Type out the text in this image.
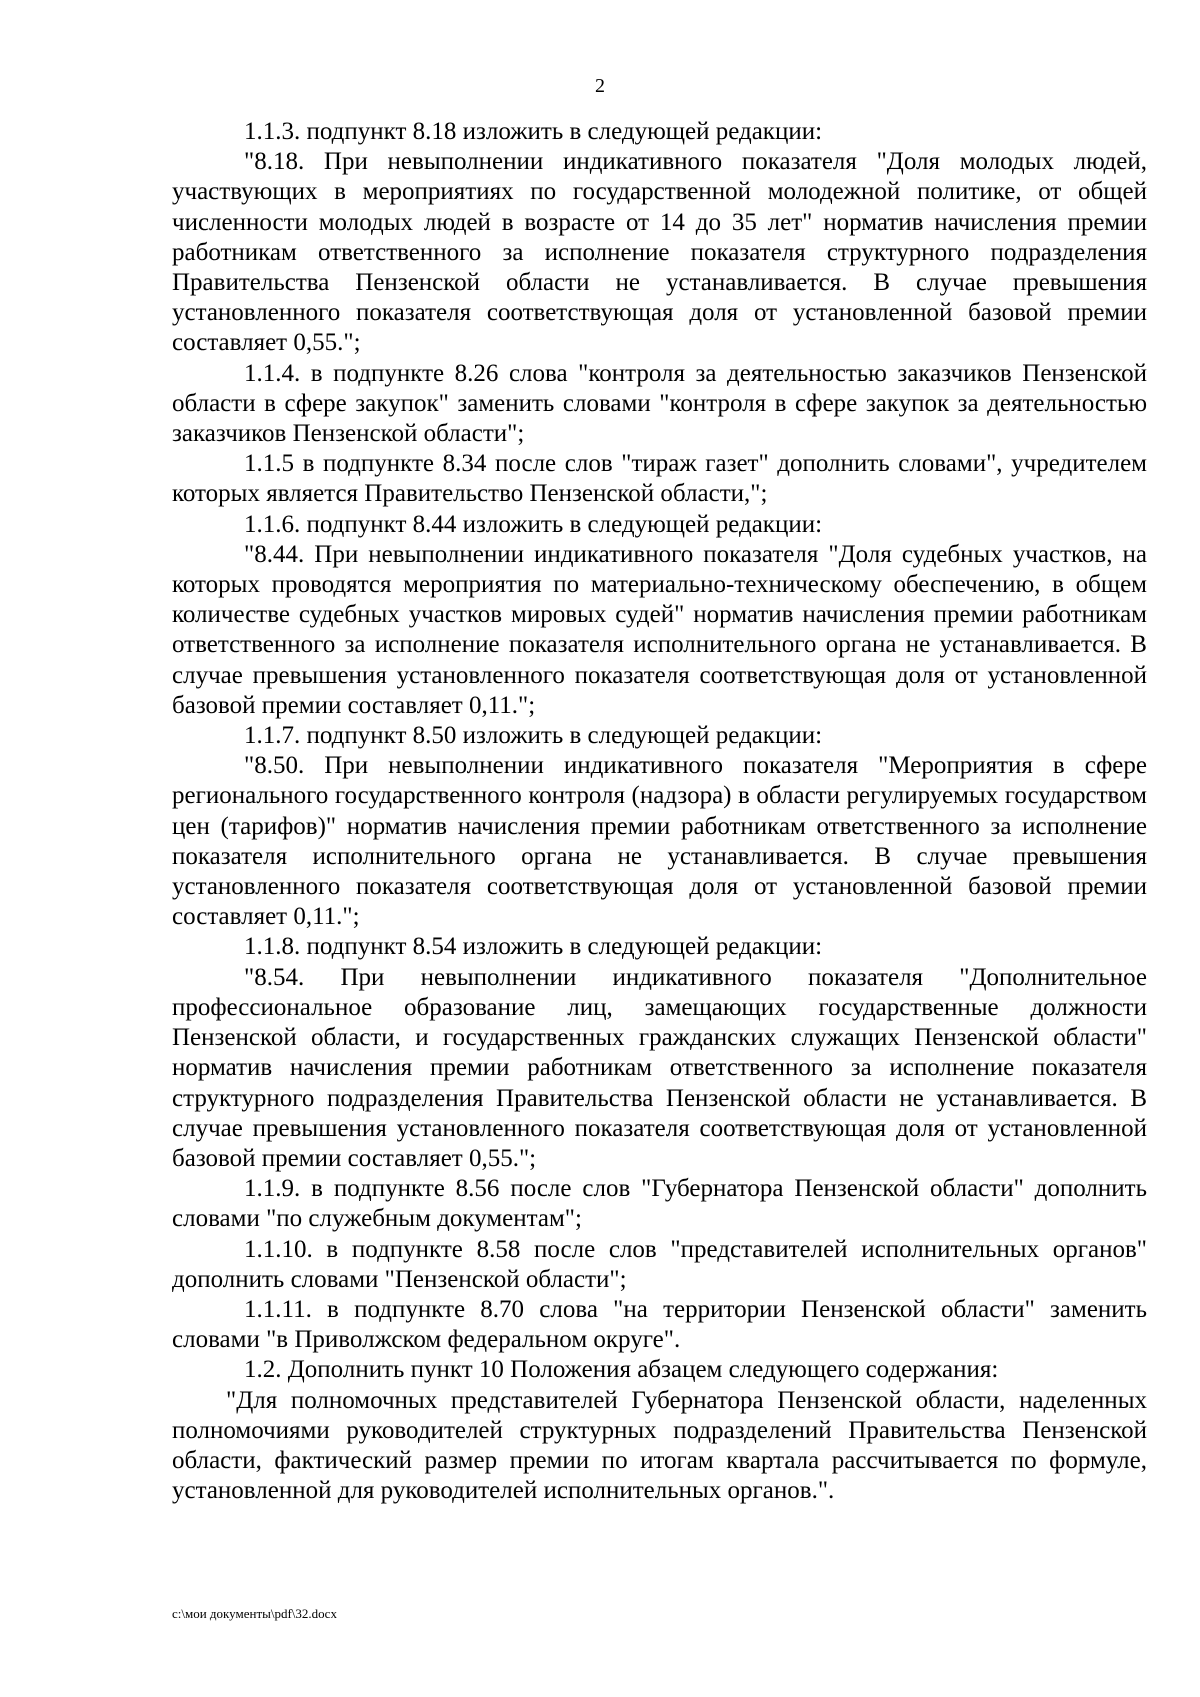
2

1.1.3. подпункт 8.18 изложить в следующей редакции:

"8.18. При невыполнении индикативного показателя "Доля молодых людей, участвующих в мероприятиях по государственной молодежной политике, от общей численности молодых людей в возрасте от 14 до 35 лет" норматив начисления премии работникам ответственного за исполнение показателя структурного подразделения Правительства Пензенской области не устанавливается. В случае превышения установленного показателя соответствующая доля от установленной базовой премии составляет 0,55.";

1.1.4. в подпункте 8.26 слова "контроля за деятельностью заказчиков Пензенской области в сфере закупок" заменить словами "контроля в сфере закупок за деятельностью заказчиков Пензенской области";

1.1.5 в подпункте 8.34 после слов "тираж газет" дополнить словами", учредителем которых является Правительство Пензенской области,";

1.1.6. подпункт 8.44 изложить в следующей редакции:

"8.44. При невыполнении индикативного показателя "Доля судебных участков, на которых проводятся мероприятия по материально-техническому обеспечению, в общем количестве судебных участков мировых судей" норматив начисления премии работникам ответственного за исполнение показателя исполнительного органа не устанавливается. В случае превышения установленного показателя соответствующая доля от установленной базовой премии составляет 0,11.";

1.1.7. подпункт 8.50 изложить в следующей редакции:

"8.50. При невыполнении индикативного показателя "Мероприятия в сфере регионального государственного контроля (надзора) в области регулируемых государством цен (тарифов)" норматив начисления премии работникам ответственного за исполнение показателя исполнительного органа не устанавливается. В случае превышения установленного показателя соответствующая доля от установленной базовой премии составляет 0,11.";

1.1.8. подпункт 8.54 изложить в следующей редакции:

"8.54. При невыполнении индикативного показателя "Дополнительное профессиональное образование лиц, замещающих государственные должности Пензенской области, и государственных гражданских служащих Пензенской области" норматив начисления премии работникам ответственного за исполнение показателя структурного подразделения Правительства Пензенской области не устанавливается. В случае превышения установленного показателя соответствующая доля от установленной базовой премии составляет 0,55.";

1.1.9. в подпункте 8.56 после слов "Губернатора Пензенской области" дополнить словами "по служебным документам";

1.1.10. в подпункте 8.58 после слов "представителей исполнительных органов" дополнить словами "Пензенской области";

1.1.11. в подпункте 8.70 слова "на территории Пензенской области" заменить словами "в Приволжском федеральном округе".

1.2. Дополнить пункт 10 Положения абзацем следующего содержания:

"Для полномочных представителей Губернатора Пензенской области, наделенных полномочиями руководителей структурных подразделений Правительства Пензенской области, фактический размер премии по итогам квартала рассчитывается по формуле, установленной для руководителей исполнительных органов.".

c:\мои документы\pdf\32.docx
